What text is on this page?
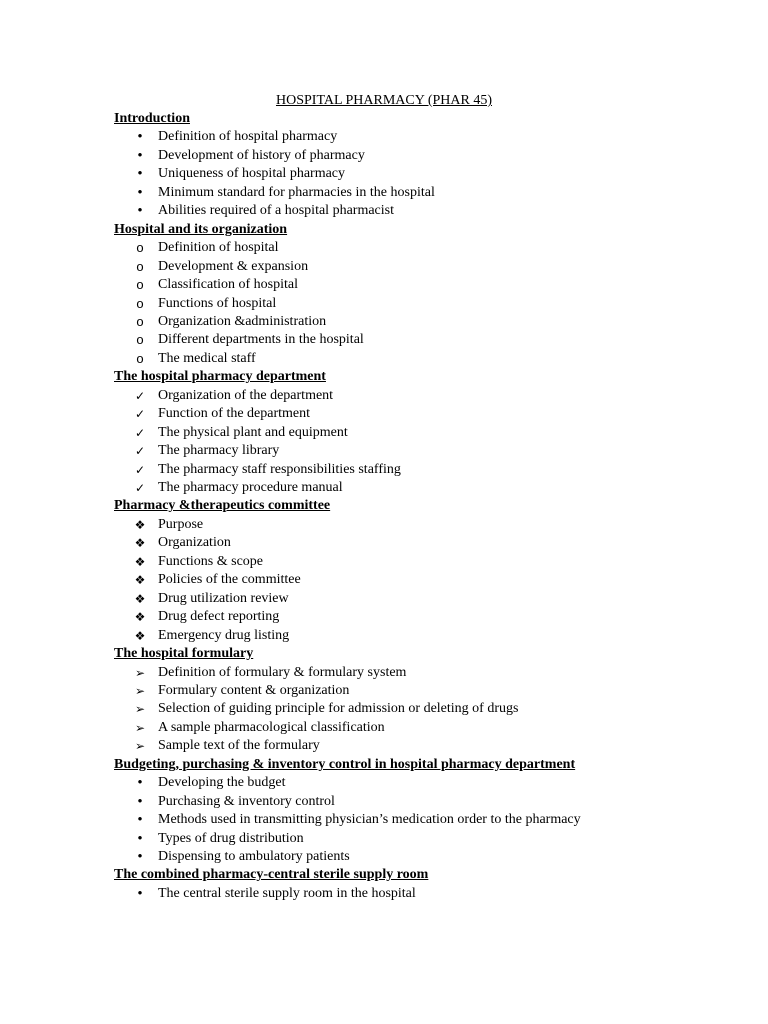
HOSPITAL PHARMACY (PHAR 45)
Introduction
•	Definition of hospital pharmacy
•	Development of history of pharmacy
•	Uniqueness of hospital pharmacy
•	Minimum standard for pharmacies in the hospital
•	Abilities required of a hospital pharmacist
Hospital and its organization
o	Definition of hospital
o	Development & expansion
o	Classification of hospital
o	Functions of hospital
o	Organization &administration
o	Different departments in the hospital
o	The medical staff
The hospital pharmacy department
✓ Organization of the department
✓ Function of the department
✓ The physical plant and equipment
✓ The pharmacy library
✓ The pharmacy staff responsibilities staffing
✓ The pharmacy procedure manual
Pharmacy &therapeutics committee
❖ Purpose
❖ Organization
❖ Functions & scope
❖ Policies of the committee
❖ Drug utilization review
❖ Drug defect reporting
❖ Emergency drug listing
The hospital formulary
➢ Definition of formulary & formulary system
➢ Formulary content & organization
➢ Selection of guiding principle for admission or deleting of drugs
➢ A sample pharmacological classification
➢ Sample text of the formulary
Budgeting, purchasing & inventory control in hospital pharmacy department
•	Developing the budget
•	Purchasing & inventory control
•	Methods used in transmitting physician’s medication order to the pharmacy
•	Types of drug distribution
•	Dispensing to ambulatory patients
The combined pharmacy-central sterile supply room
•	The central sterile supply room in the hospital
